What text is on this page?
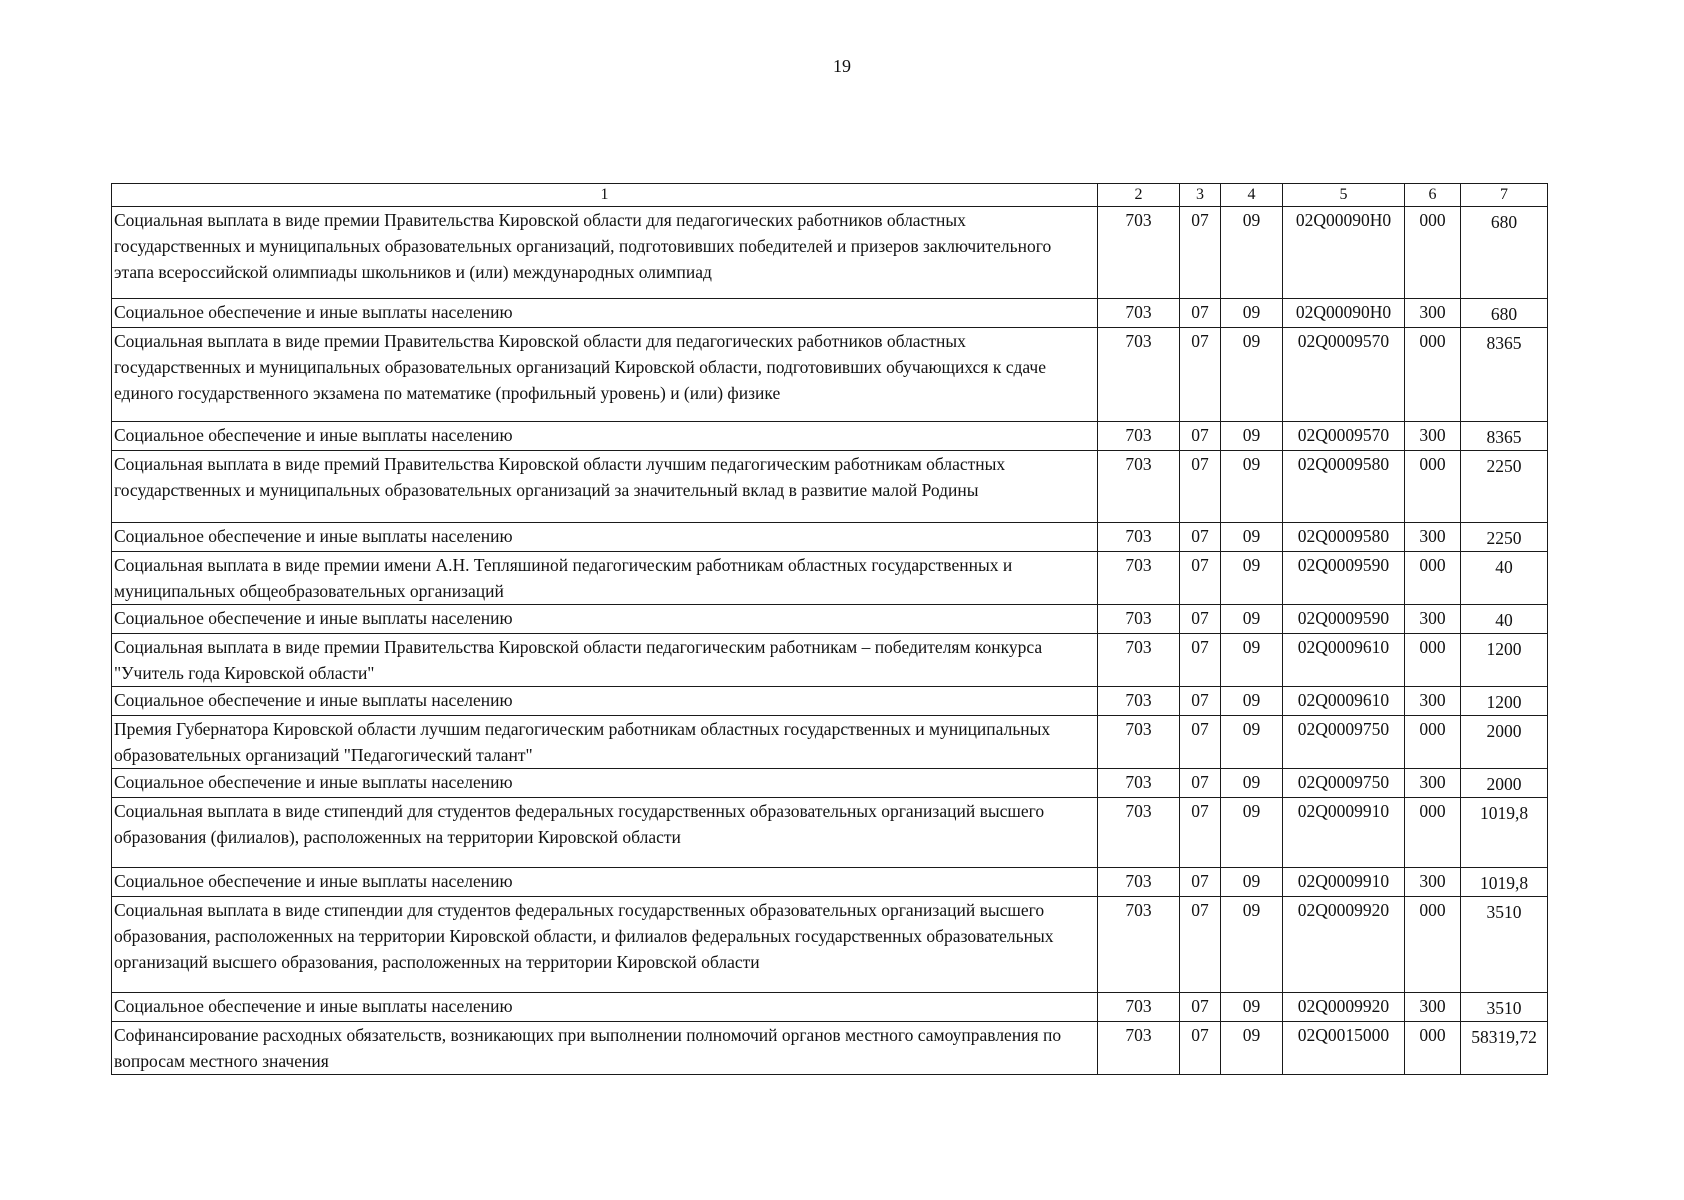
19
1	2	3	4	5	6	7
Социальная выплата в виде премии Правительства Кировской области для педагогических работников областных государственных и муниципальных образовательных организаций, подготовивших победителей и призеров заключительного этапа всероссийской олимпиады школьников и (или) международных олимпиад	703	07	09	02Q00090Н0	000	680
Социальное обеспечение и иные выплаты населению	703	07	09	02Q00090Н0	300	680
Социальная выплата в виде премии Правительства Кировской области для педагогических работников областных государственных и муниципальных образовательных организаций Кировской области, подготовивших обучающихся к сдаче единого государственного экзамена по математике (профильный уровень) и (или) физике	703	07	09	02Q0009570	000	8365
Социальное обеспечение и иные выплаты населению	703	07	09	02Q0009570	300	8365
Социальная выплата в виде премий Правительства Кировской области лучшим педагогическим работникам областных государственных и муниципальных образовательных организаций за значительный вклад в развитие малой Родины	703	07	09	02Q0009580	000	2250
Социальное обеспечение и иные выплаты населению	703	07	09	02Q0009580	300	2250
Социальная выплата в виде премии имени А.Н. Тепляшиной педагогическим работникам областных государственных и муниципальных общеобразовательных организаций	703	07	09	02Q0009590	000	40
Социальное обеспечение и иные выплаты населению	703	07	09	02Q0009590	300	40
Социальная выплата в виде премии Правительства Кировской области педагогическим работникам – победителям конкурса "Учитель года Кировской области"	703	07	09	02Q0009610	000	1200
Социальное обеспечение и иные выплаты населению	703	07	09	02Q0009610	300	1200
Премия Губернатора Кировской области лучшим педагогическим работникам областных государственных и муниципальных образовательных организаций "Педагогический талант"	703	07	09	02Q0009750	000	2000
Социальное обеспечение и иные выплаты населению	703	07	09	02Q0009750	300	2000
Социальная выплата в виде стипендий для студентов федеральных государственных образовательных организаций высшего образования (филиалов), расположенных на территории Кировской области	703	07	09	02Q0009910	000	1019,8
Социальное обеспечение и иные выплаты населению	703	07	09	02Q0009910	300	1019,8
Социальная выплата в виде стипендии для студентов федеральных государственных образовательных организаций высшего образования, расположенных на территории Кировской области, и филиалов федеральных государственных образовательных организаций высшего образования, расположенных на территории Кировской области	703	07	09	02Q0009920	000	3510
Социальное обеспечение и иные выплаты населению	703	07	09	02Q0009920	300	3510
Софинансирование расходных обязательств, возникающих при выполнении полномочий органов местного самоуправления по вопросам местного значения	703	07	09	02Q0015000	000	58319,72
